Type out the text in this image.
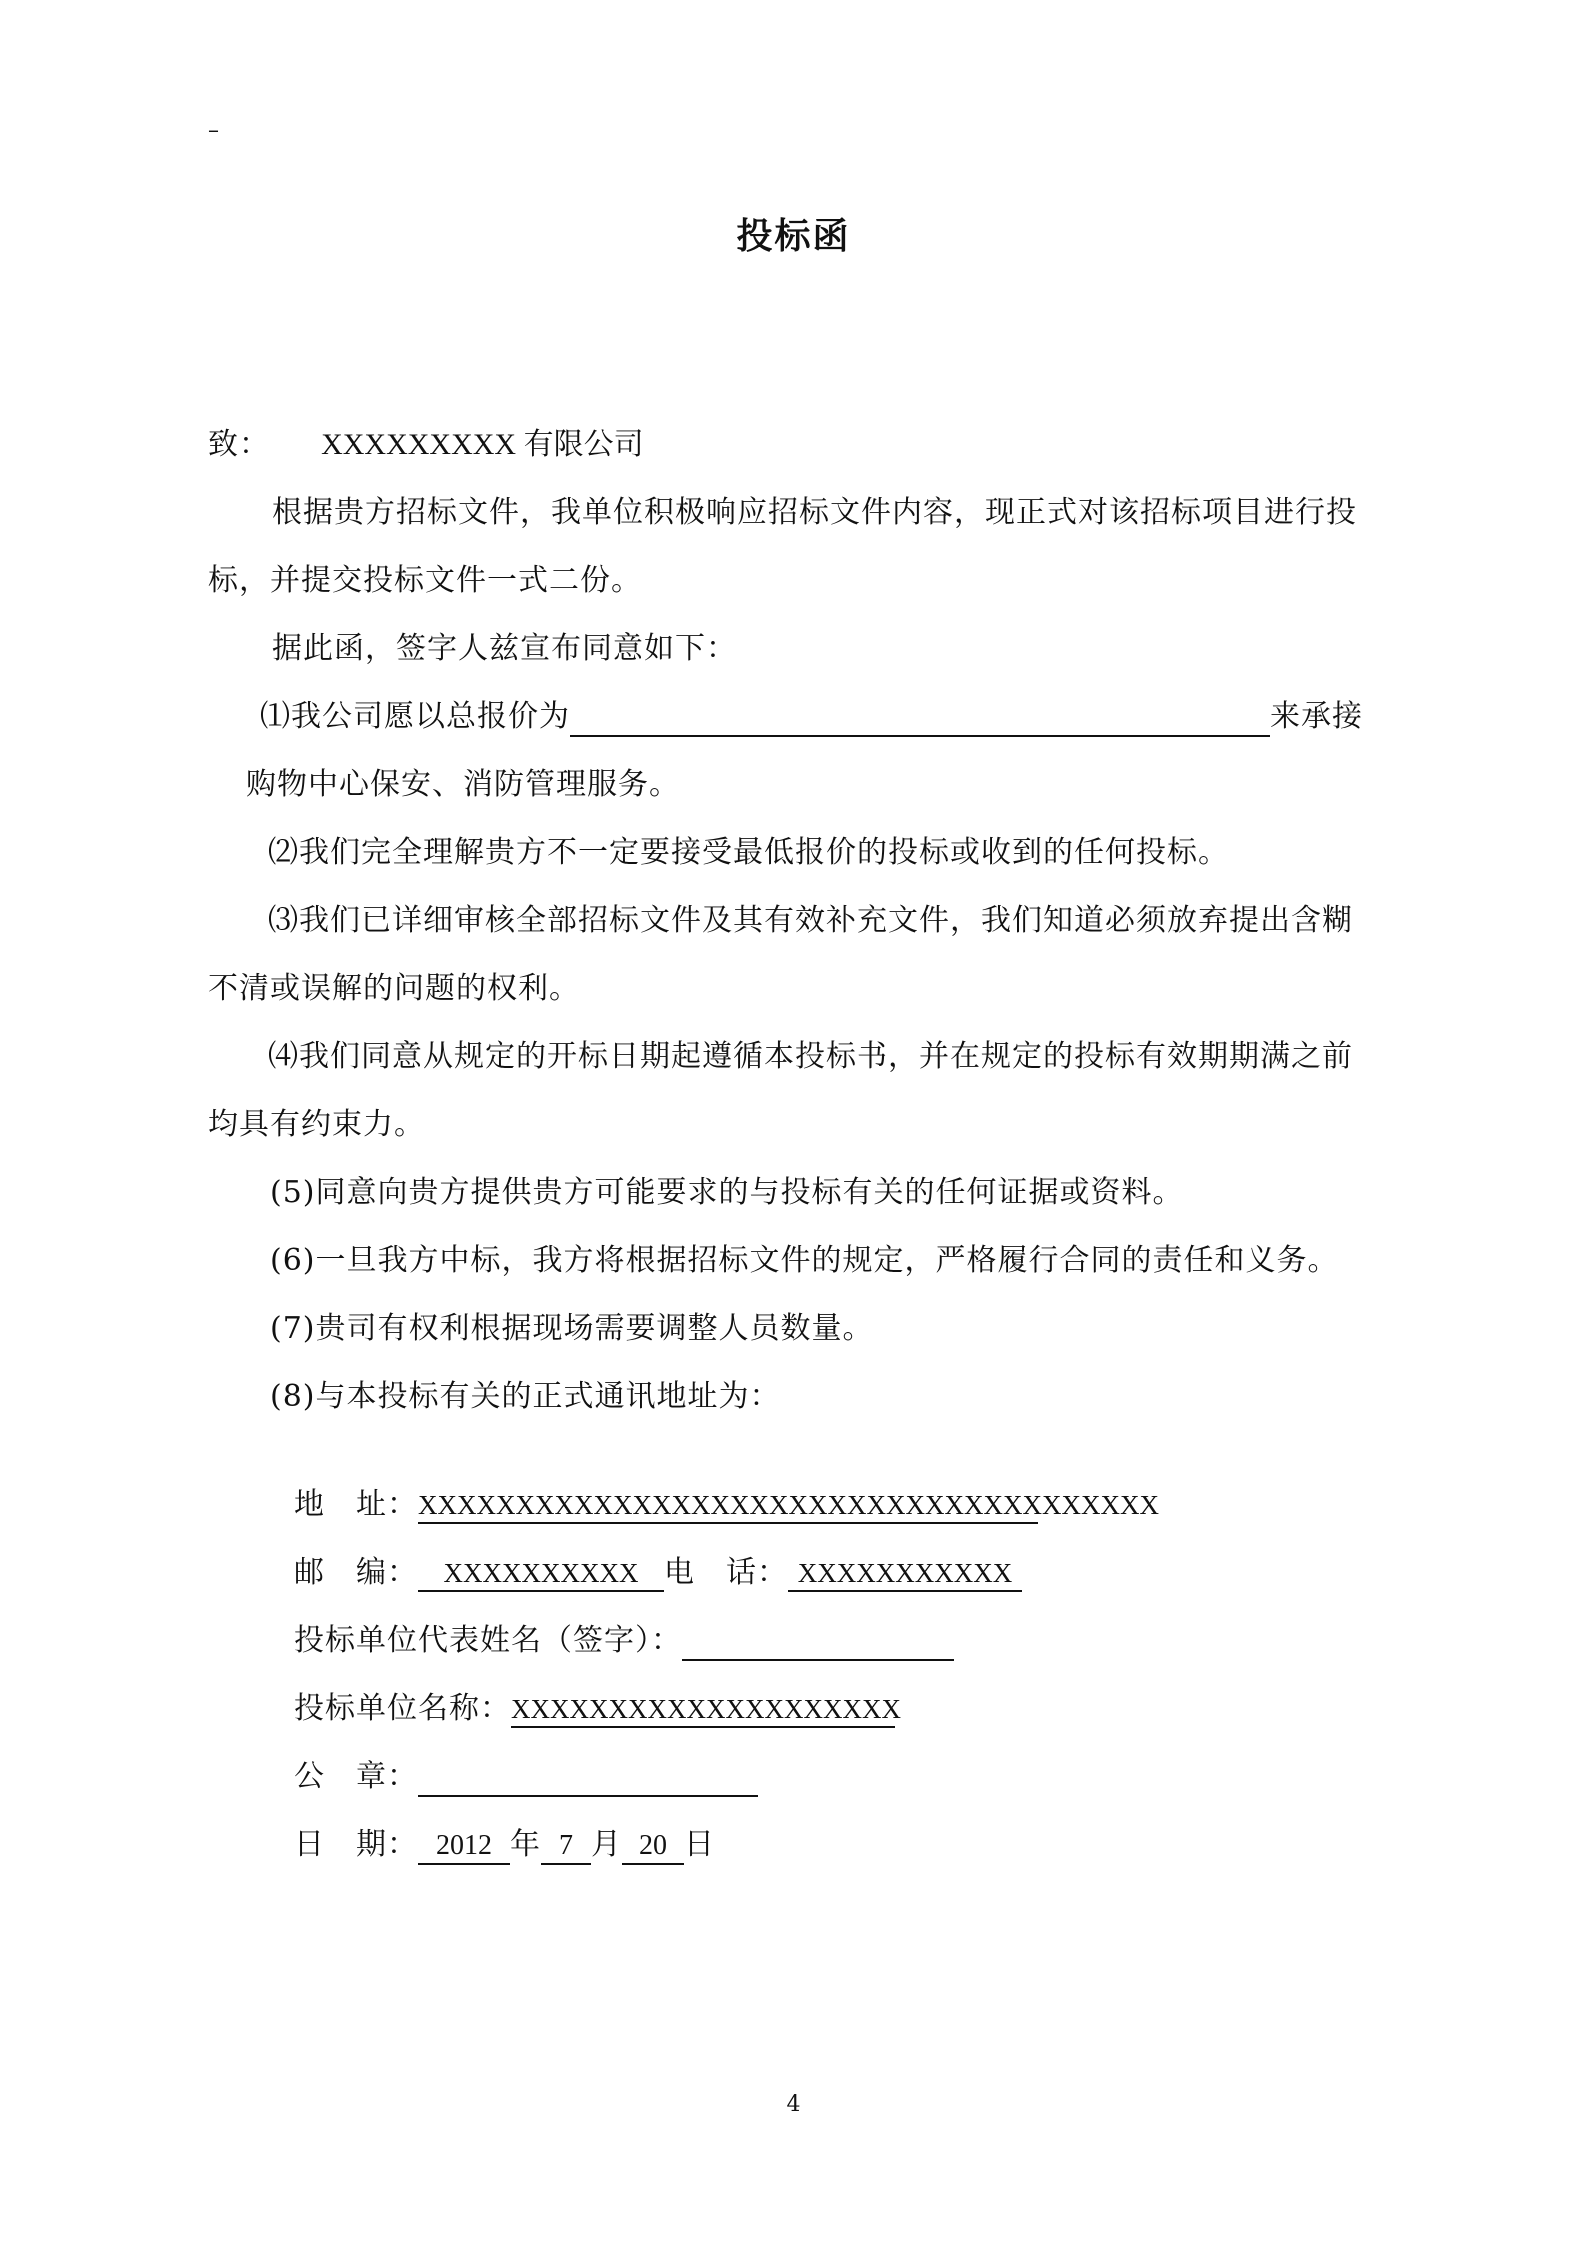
–
投标函
致： XXXXXXXXX 有限公司
根据贵方招标文件，我单位积极响应招标文件内容，现正式对该招标项目进行投
标，并提交投标文件一式二份。
据此函，签字人兹宣布同意如下：
⑴我公司愿以总报价为	来承接
购物中心保安、消防管理服务。
⑵我们完全理解贵方不一定要接受最低报价的投标或收到的任何投标。
⑶我们已详细审核全部招标文件及其有效补充文件，我们知道必须放弃提出含糊
不清或误解的问题的权利。
⑷我们同意从规定的开标日期起遵循本投标书，并在规定的投标有效期期满之前
均具有约束力。
(5)同意向贵方提供贵方可能要求的与投标有关的任何证据或资料。
(6)一旦我方中标，我方将根据招标文件的规定，严格履行合同的责任和义务。
(7)贵司有权利根据现场需要调整人员数量。
(8)与本投标有关的正式通讯地址为：
地　址：XXXXXXXXXXXXXXXXXXXXXXXXXXXXXXXXXXXXXX
邮　编： XXXXXXXXXX 电　话： XXXXXXXXXXX
投标单位代表姓名（签字）：
投标单位名称：XXXXXXXXXXXXXXXXXXXX
公　章：
日　期： 2012 年 7 月 20 日
4
